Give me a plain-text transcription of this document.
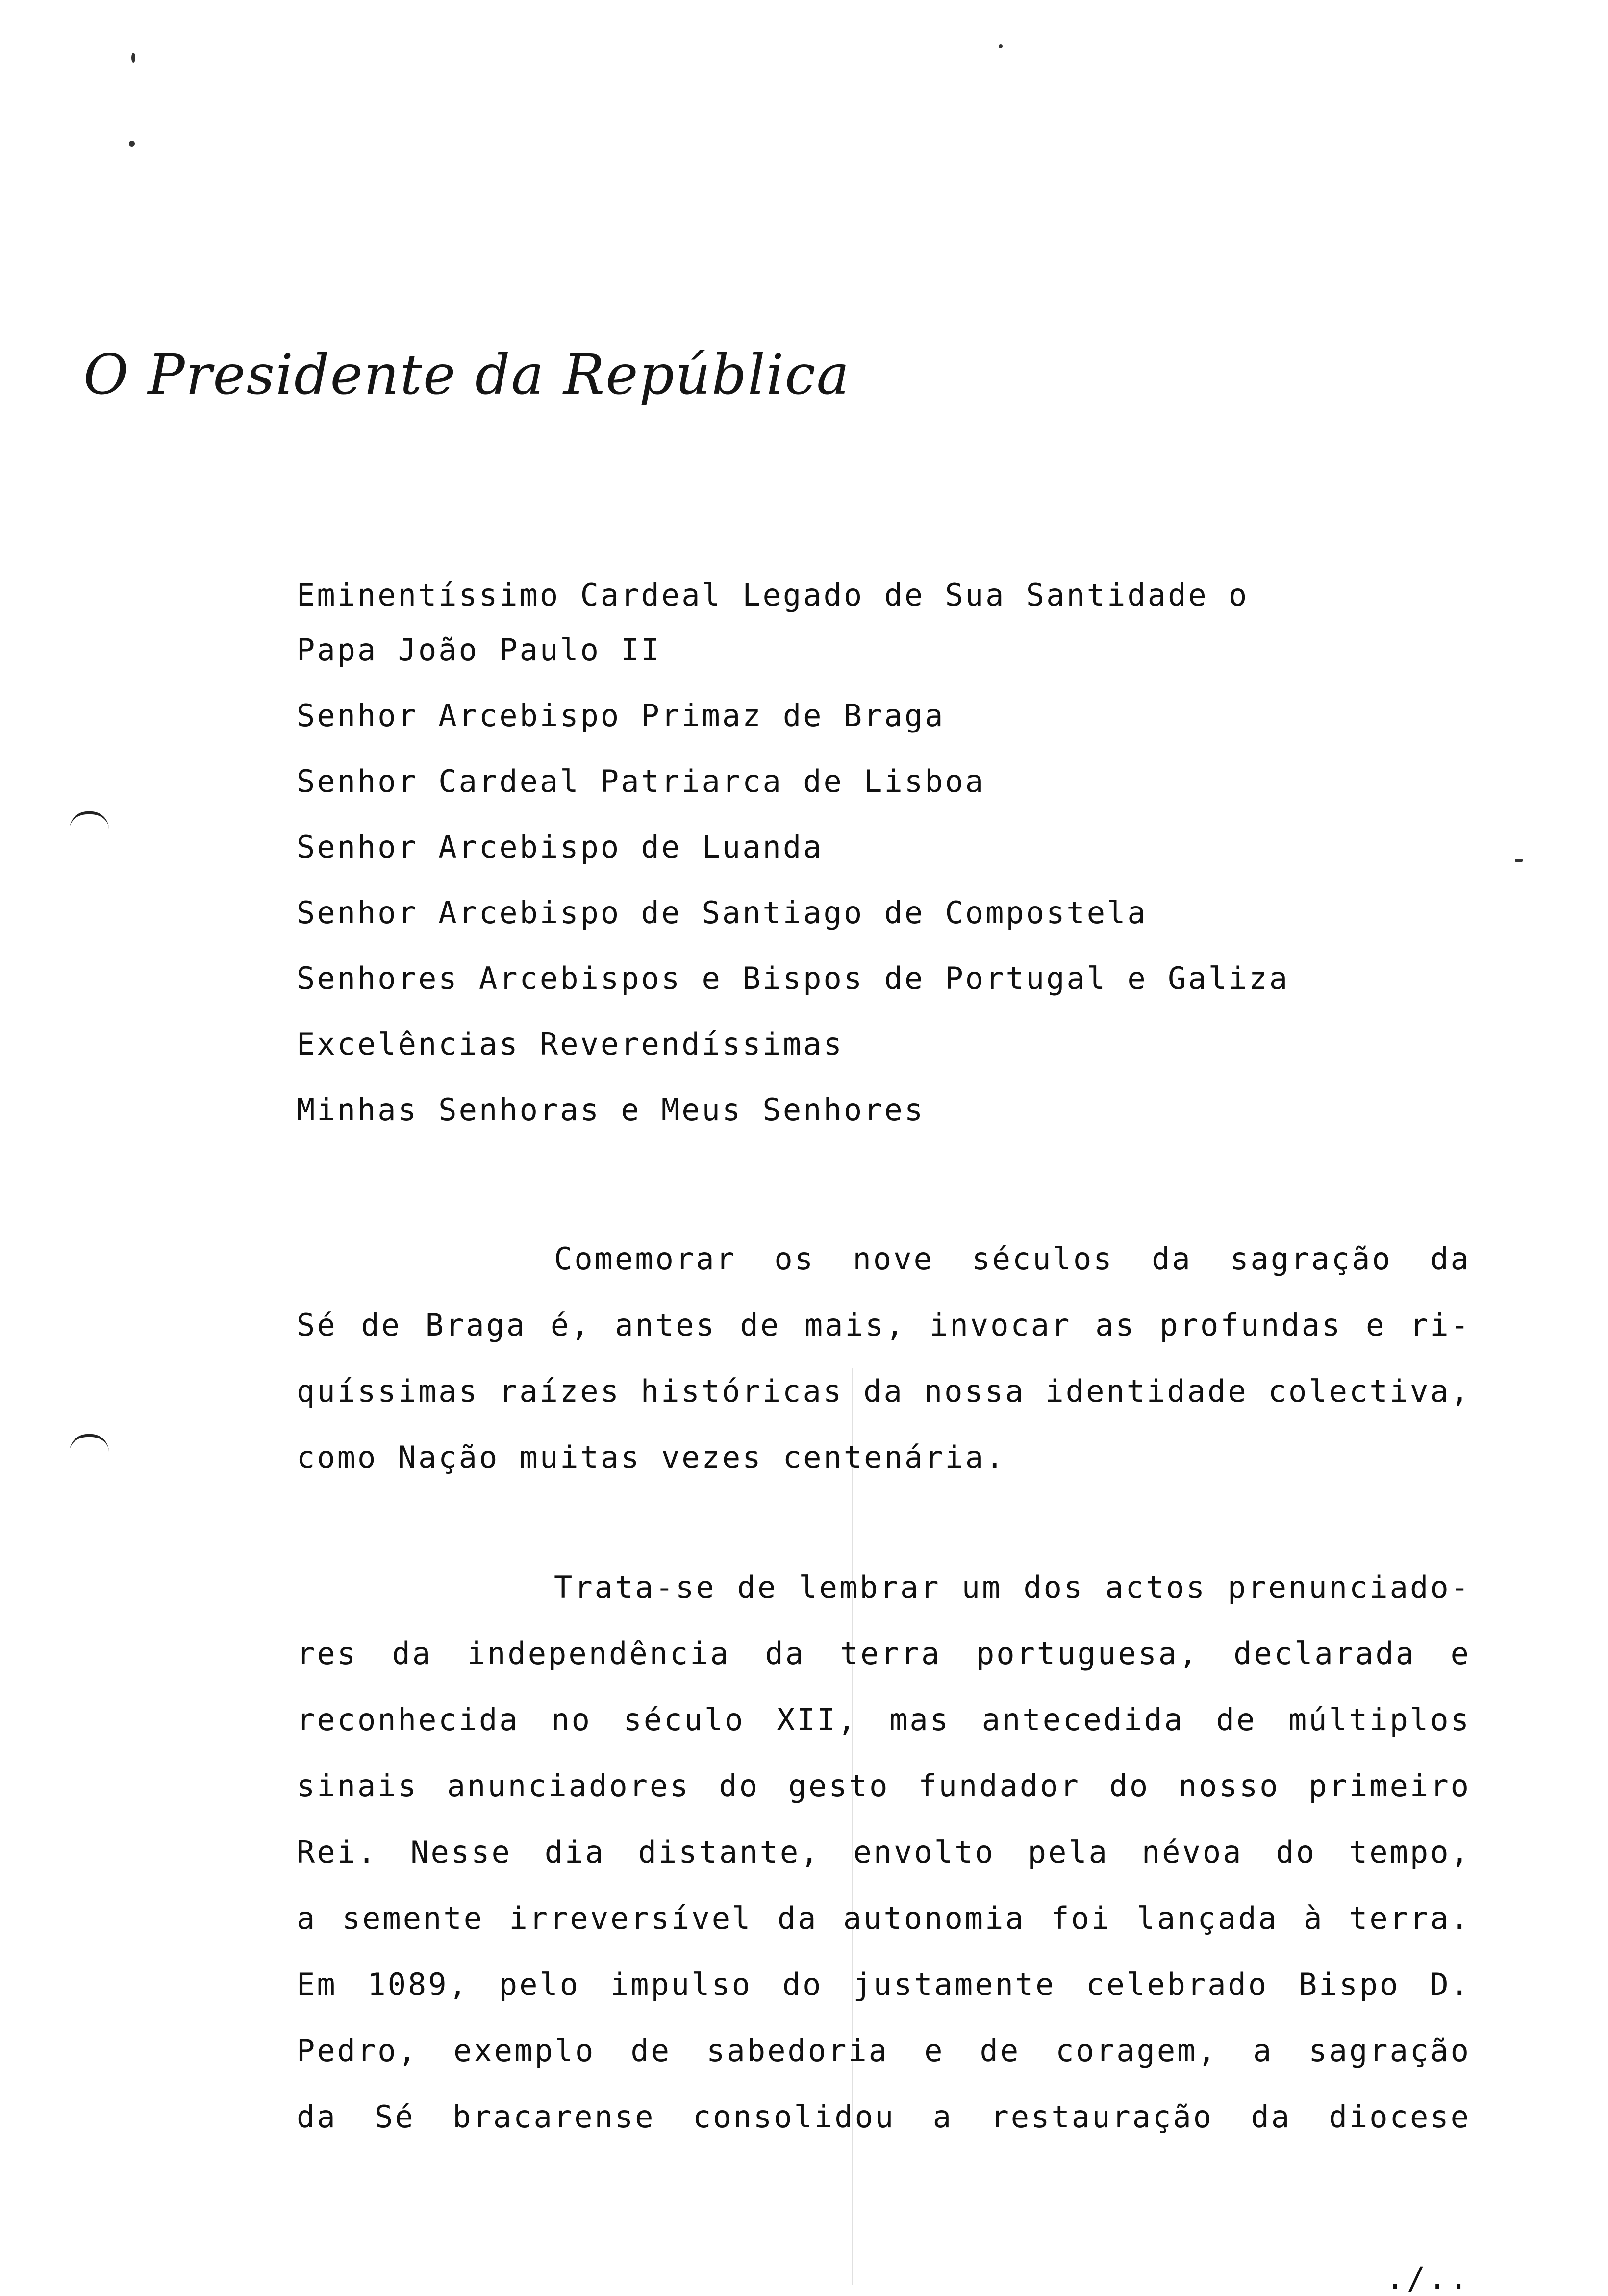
O Presidente da República
Eminentíssimo Cardeal Legado de Sua Santidade o
Papa João Paulo II
Senhor Arcebispo Primaz de Braga
Senhor Cardeal Patriarca de Lisboa
Senhor Arcebispo de Luanda
Senhor Arcebispo de Santiago de Compostela
Senhores Arcebispos e Bispos de Portugal e Galiza
Excelências Reverendíssimas
Minhas Senhoras e Meus Senhores
Comemorar os nove séculos da sagração da
Sé de Braga é, antes de mais, invocar as profundas e ri-
quíssimas raízes históricas da nossa identidade colectiva,
como Nação muitas vezes centenária.
Trata-se de lembrar um dos actos prenunciado-
res da independência da terra portuguesa, declarada e
reconhecida no século XII, mas antecedida de múltiplos
sinais anunciadores do gesto fundador do nosso primeiro
Rei. Nesse dia distante, envolto pela névoa do tempo,
a semente irreversível da autonomia foi lançada à terra.
Em 1089, pelo impulso do justamente celebrado Bispo D.
Pedro, exemplo de sabedoria e de coragem, a sagração
da Sé bracarense consolidou a restauração da diocese
./..
